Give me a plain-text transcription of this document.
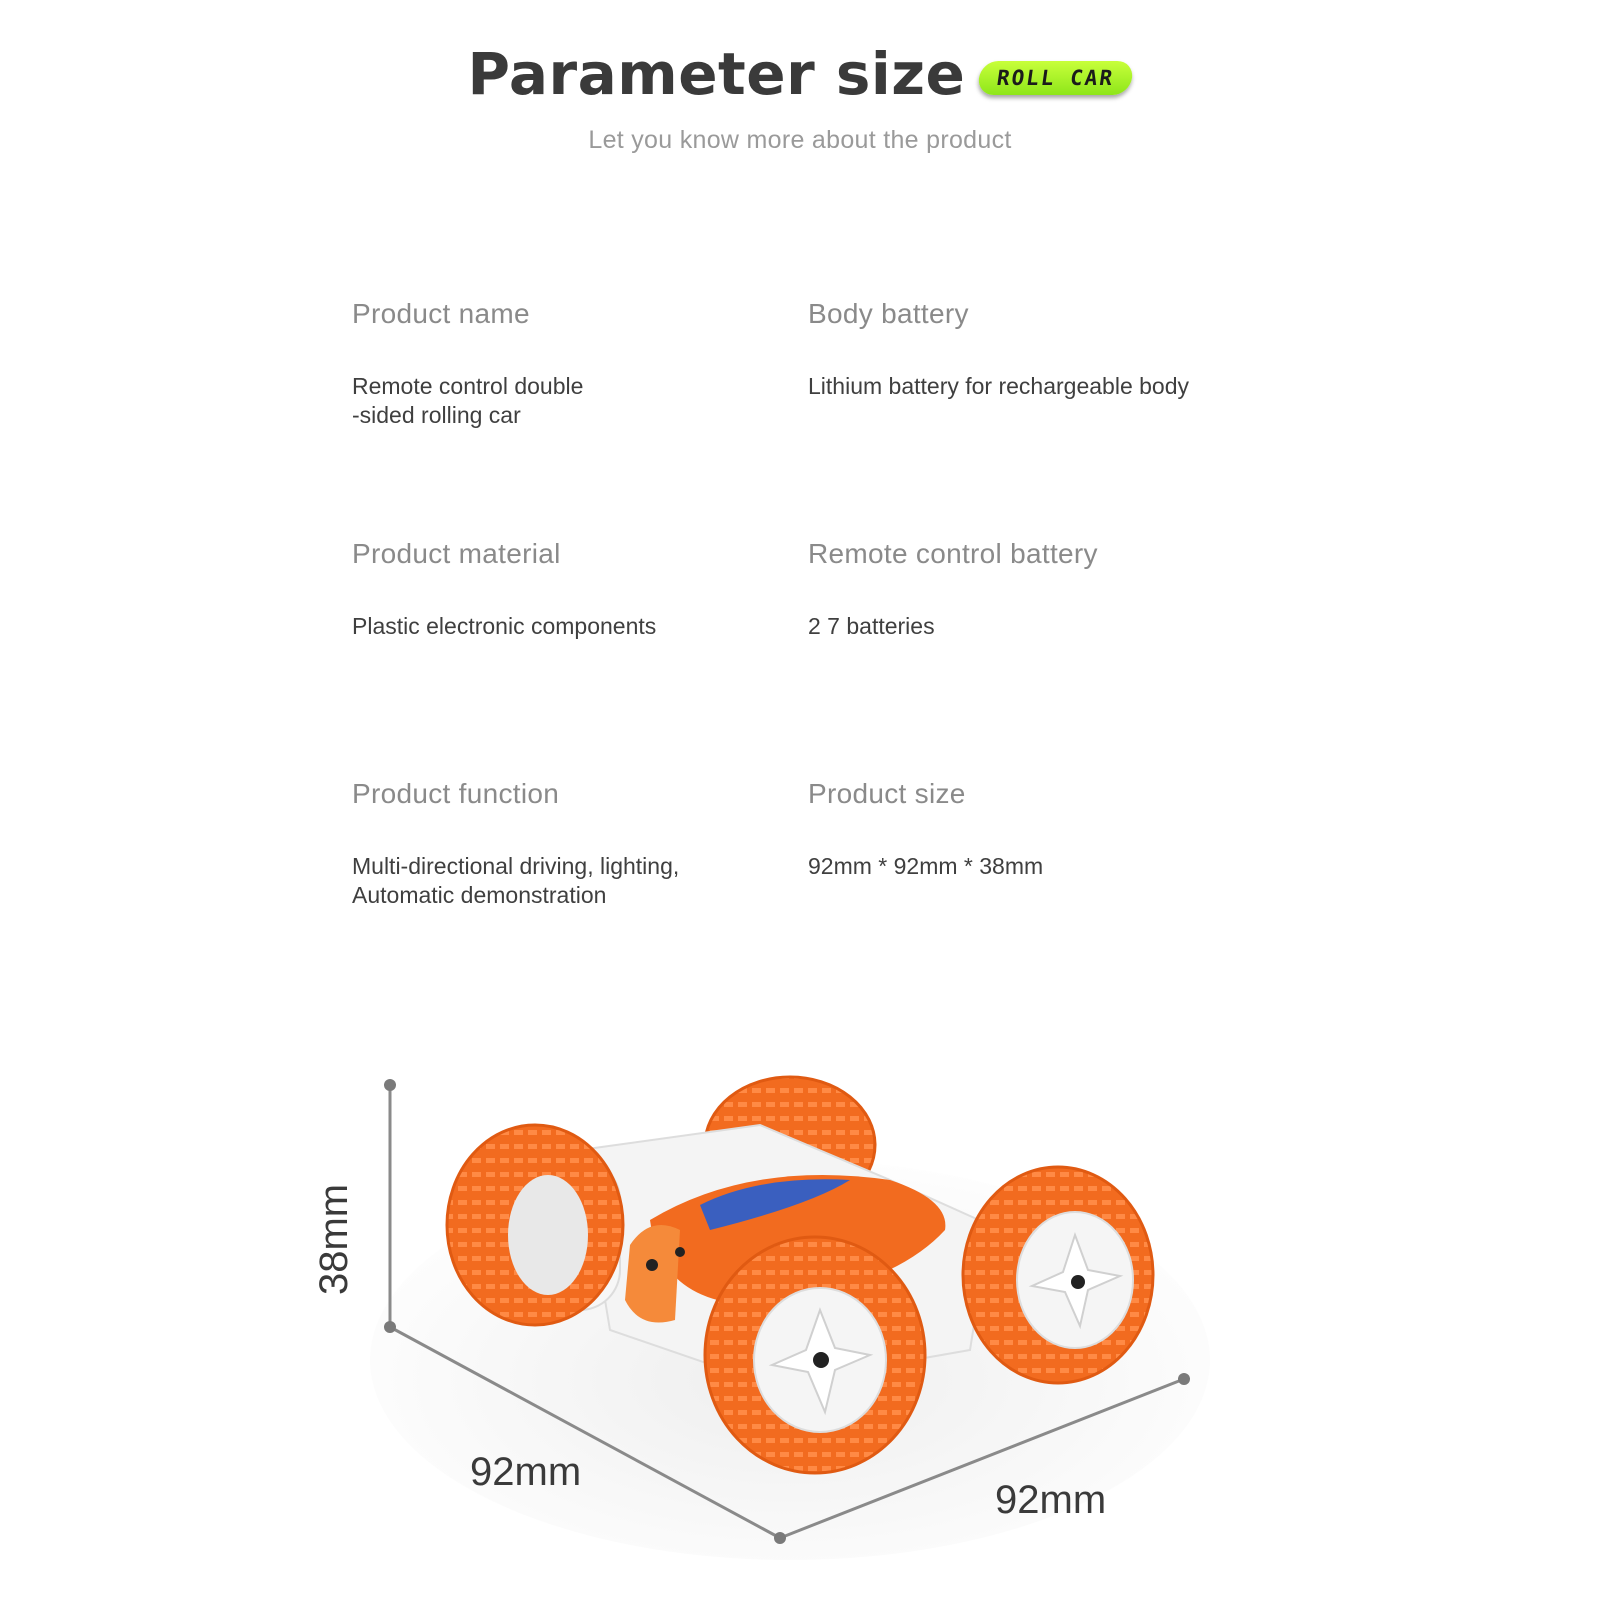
Parameter size	ROLL CAR
Let you know more about the product
Product name
Remote control double
-sided rolling car
Body battery
Lithium battery for rechargeable body
Product material
Plastic electronic components
Remote control battery
2 7 batteries
Product function
Multi-directional driving, lighting,
Automatic demonstration
Product size
92mm * 92mm * 38mm
38mm
92mm
92mm
